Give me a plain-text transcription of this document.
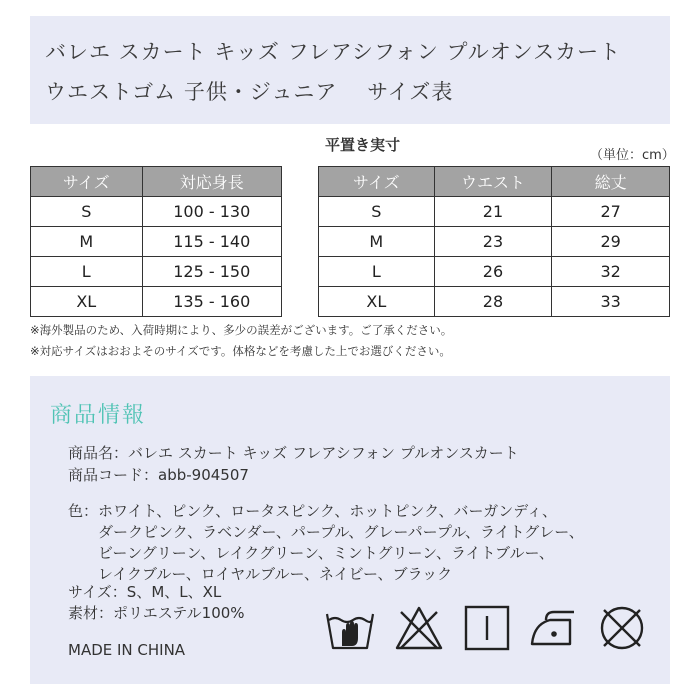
バレエ スカート キッズ フレアシフォン プルオンスカート
ウエストゴム 子供・ジュニア　 サイズ表
平置き実寸
（単位：cm）
サイズ	対応身長
S	100 - 130
M	115 - 140
L	125 - 150
XL	135 - 160
サイズ	ウエスト	総丈
S	21	27
M	23	29
L	26	32
XL	28	33
※海外製品のため、入荷時期により、多少の誤差がございます。ご了承ください。
※対応サイズはおおよそのサイズです。体格などを考慮した上でお選びください。
商品情報
商品名：バレエ スカート キッズ フレアシフォン プルオンスカート
商品コード：abb-904507
色：ホワイト、ピンク、ロータスピンク、ホットピンク、バーガンディ、
ダークピンク、ラベンダー、パープル、グレーパープル、ライトグレー、
ビーングリーン、レイクグリーン、ミントグリーン、ライトブルー、
レイクブルー、ロイヤルブルー、ネイビー、ブラック
サイズ：S、M、L、XL
素材：ポリエステル100%
MADE IN CHINA
